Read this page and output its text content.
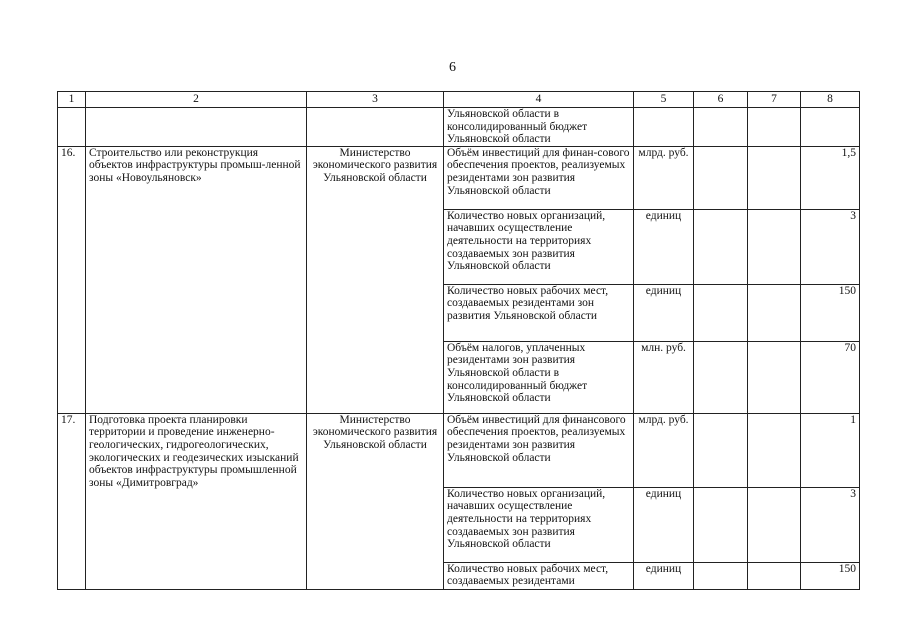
6
1	2	3	4	5	6	7	8
			Ульяновской области в консолидированный бюджет Ульяновской области				
16.	Строительство или реконструкция объектов инфраструктуры промыш-ленной зоны «Новоульяновск»	Министерство экономического развития Ульяновской области	Объём инвестиций для финан-сового обеспечения проектов, реализуемых резидентами зон развития Ульяновской области	млрд. руб.			1,5
			Количество новых организаций, начавших осуществление деятельности на территориях создаваемых зон развития Ульяновской области	единиц			3
			Количество новых рабочих мест, создаваемых резидентами зон развития Ульяновской области	единиц			150
			Объём налогов, уплаченных резидентами зон развития Ульяновской области в консолидированный бюджет Ульяновской области	млн. руб.			70
17.	Подготовка проекта планировки территории и проведение инженерно-геологических, гидрогеологических, экологических и геодезических изысканий объектов инфраструктуры промышленной зоны «Димитровград»	Министерство экономического развития Ульяновской области	Объём инвестиций для финансового обеспечения проектов, реализуемых резидентами зон развития Ульяновской области	млрд. руб.			1
			Количество новых организаций, начавших осуществление деятельности на территориях создаваемых зон развития Ульяновской области	единиц			3
			Количество новых рабочих мест, создаваемых резидентами	единиц			150
